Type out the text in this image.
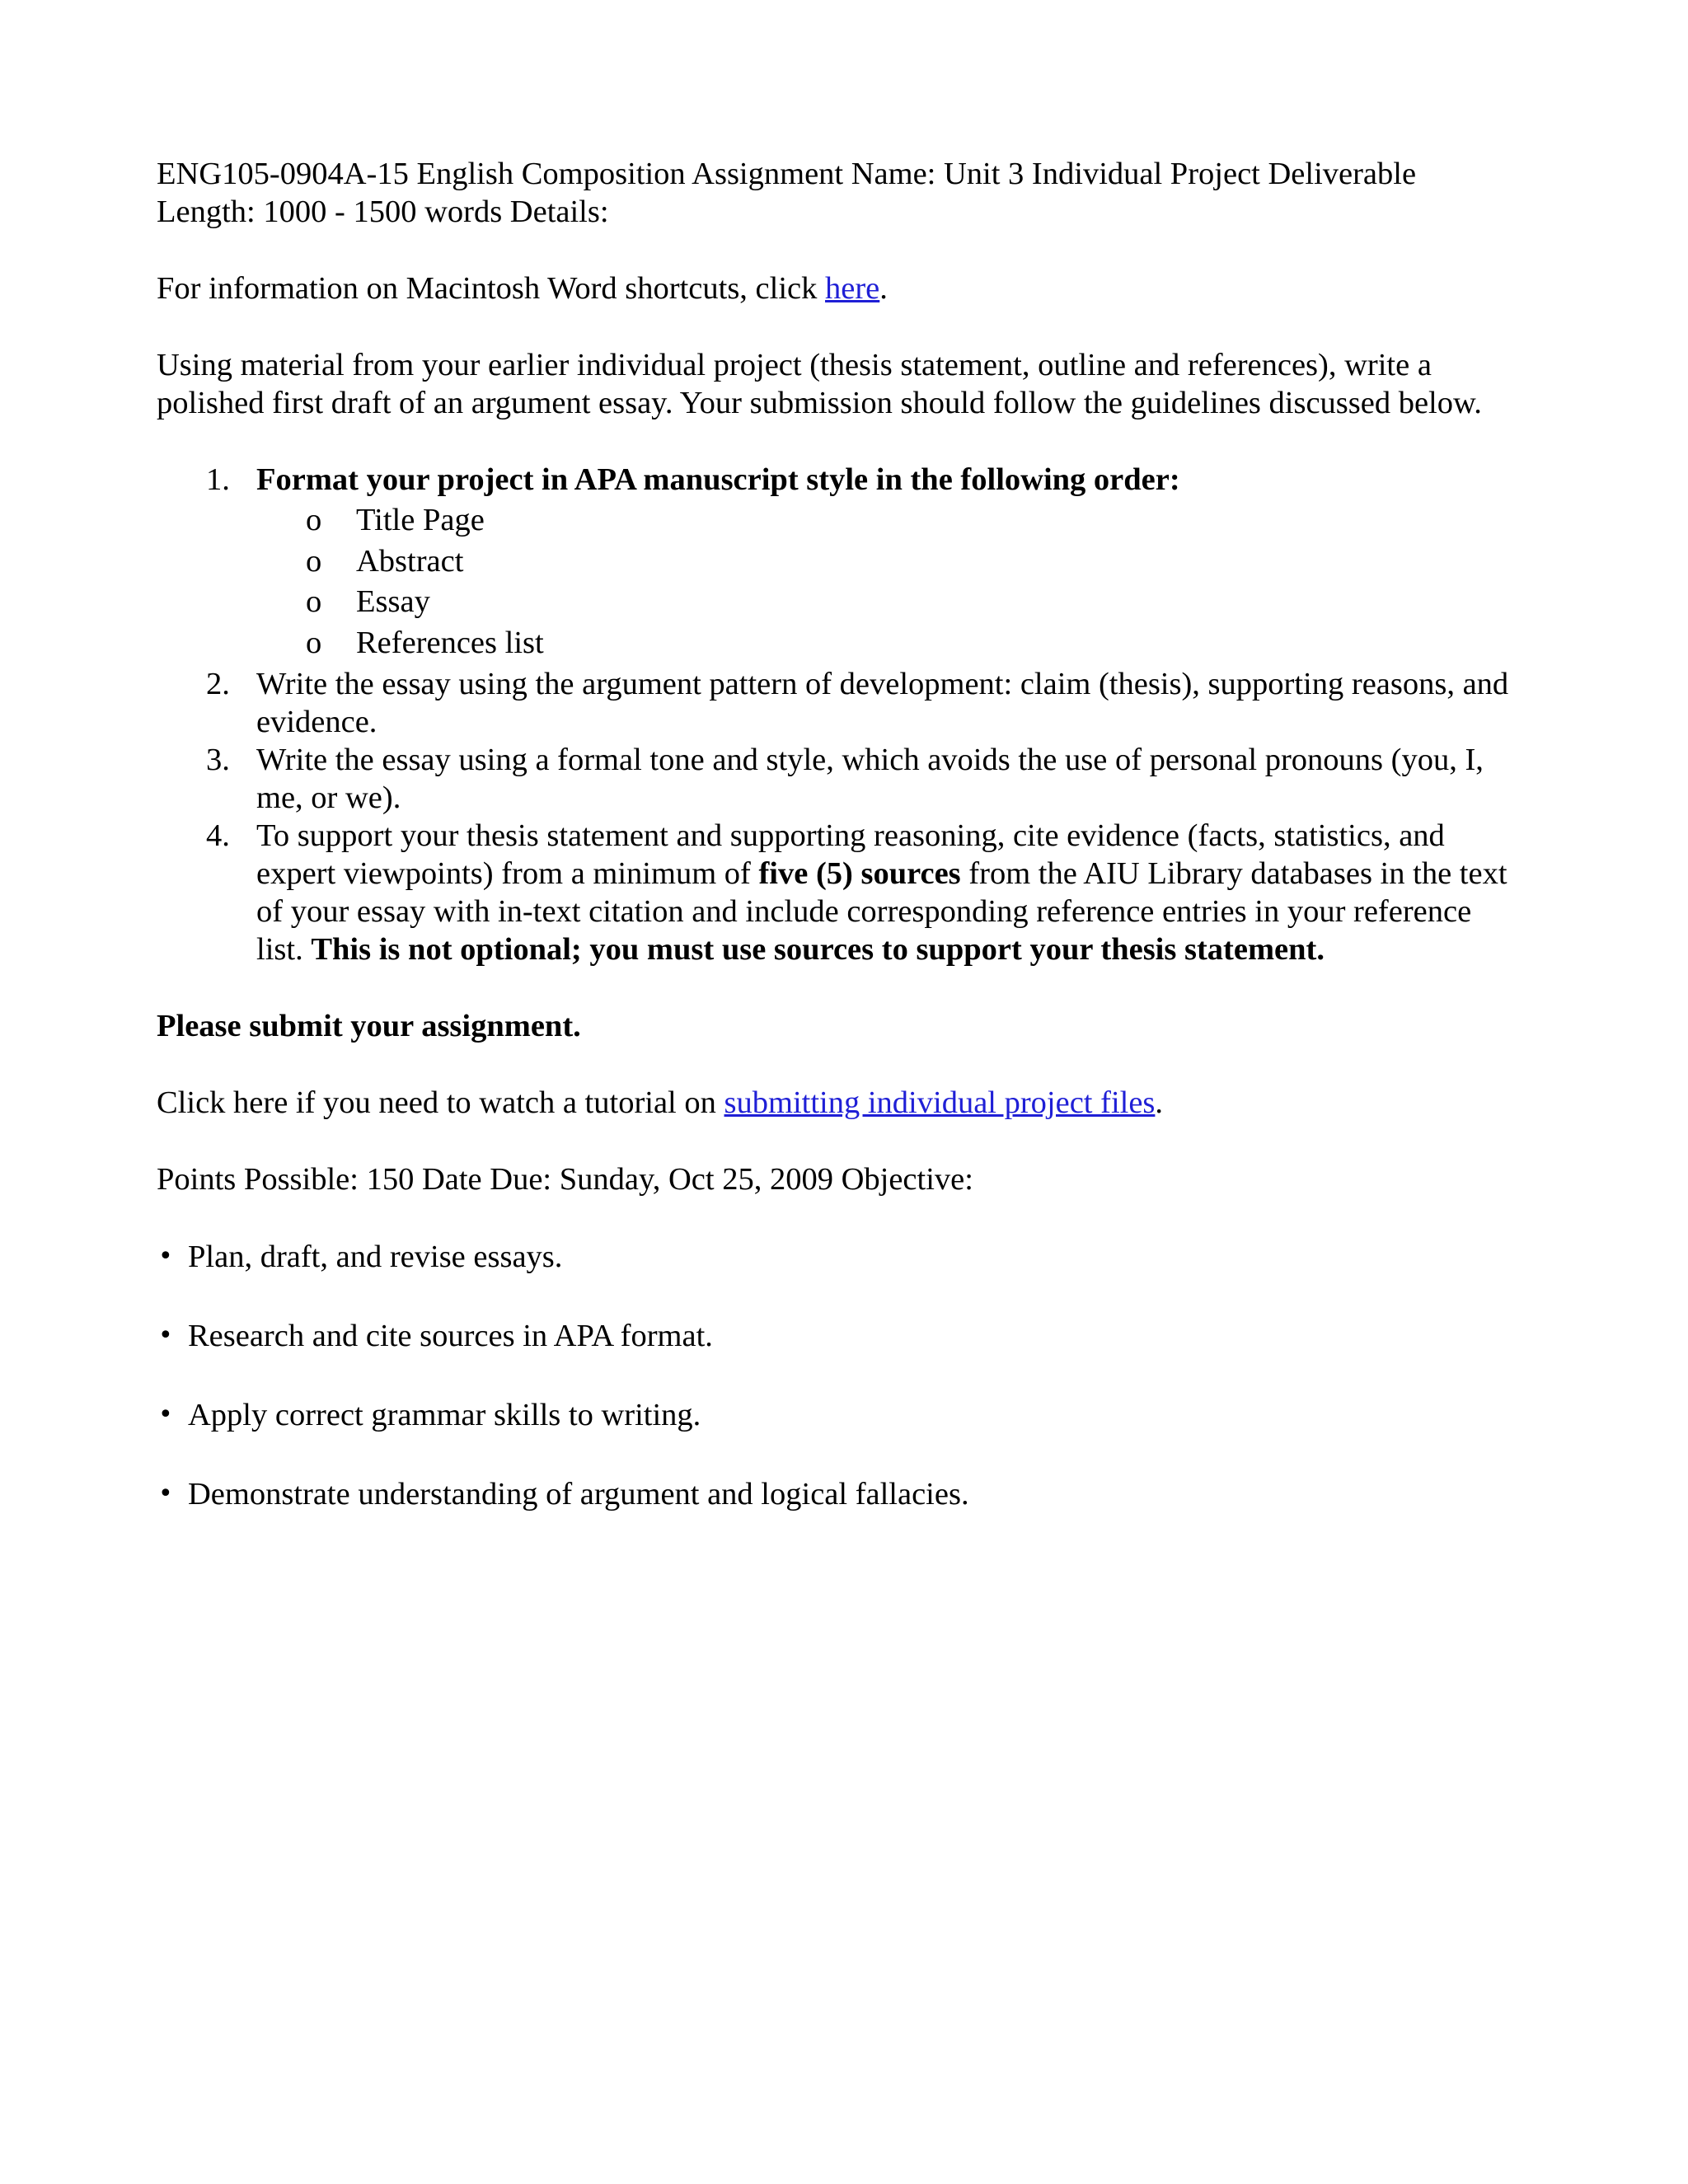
ENG105-0904A-15 English Composition Assignment Name: Unit 3 Individual Project Deliverable

Length: 1000 - 1500 words Details:

For information on Macintosh Word shortcuts, click here.

Using material from your earlier individual project (thesis statement, outline and references), write a polished first draft of an argument essay. Your submission should follow the guidelines discussed below.

1. Format your project in APA manuscript style in the following order:
o Title Page
o Abstract
o Essay
o References list
2. Write the essay using the argument pattern of development: claim (thesis), supporting reasons, and evidence.
3. Write the essay using a formal tone and style, which avoids the use of personal pronouns (you, I, me, or we).
4. To support your thesis statement and supporting reasoning, cite evidence (facts, statistics, and expert viewpoints) from a minimum of five (5) sources from the AIU Library databases in the text of your essay with in-text citation and include corresponding reference entries in your reference list. This is not optional; you must use sources to support your thesis statement.

Please submit your assignment.

Click here if you need to watch a tutorial on submitting individual project files.

Points Possible: 150 Date Due: Sunday, Oct 25, 2009 Objective:

• Plan, draft, and revise essays.
• Research and cite sources in APA format.
• Apply correct grammar skills to writing.
• Demonstrate understanding of argument and logical fallacies.
